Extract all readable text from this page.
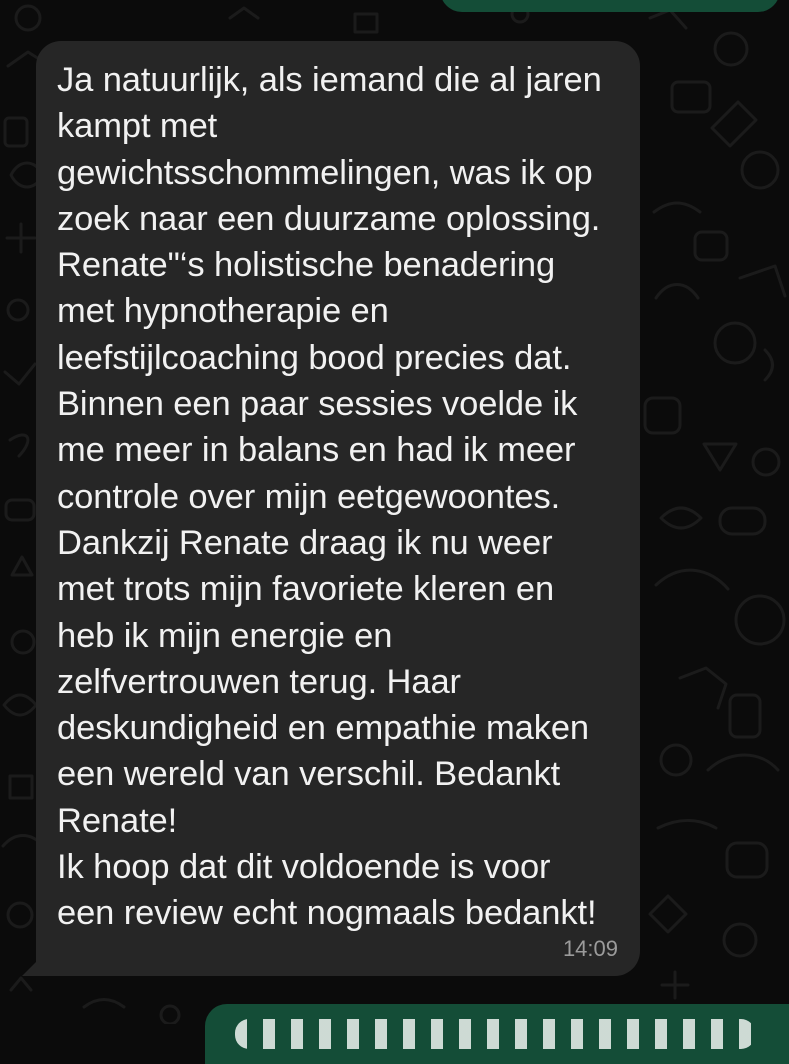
Ja natuurlijk, als iemand die al jaren
kampt met
gewichtsschommelingen, was ik op
zoek naar een duurzame oplossing.
Renate"‘s holistische benadering
met hypnotherapie en
leefstijlcoaching bood precies dat.
Binnen een paar sessies voelde ik
me meer in balans en had ik meer
controle over mijn eetgewoontes.
Dankzij Renate draag ik nu weer
met trots mijn favoriete kleren en
heb ik mijn energie en
zelfvertrouwen terug. Haar
deskundigheid en empathie maken
een wereld van verschil. Bedankt
Renate!
Ik hoop dat dit voldoende is voor
een review echt nogmaals bedankt!
14:09
